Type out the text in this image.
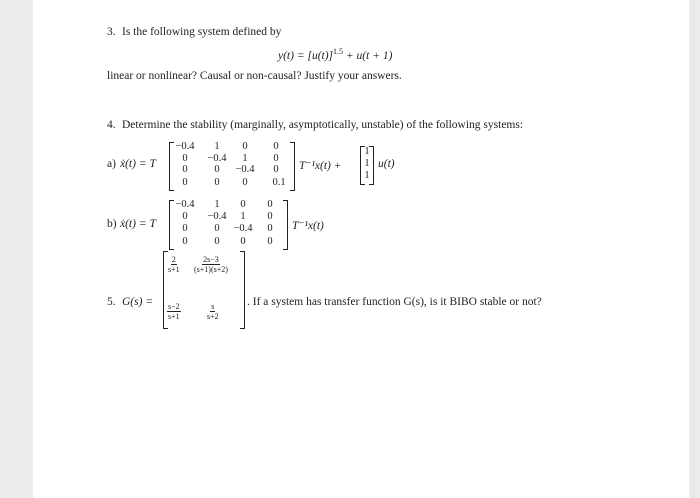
3. Is the following system defined by
$y(t) = [u(t)]^{1.5} + u(t + 1)$
linear or nonlinear? Causal or non-causal? Justify your answers.
4. Determine the stability (marginally, asymptotically, unstable) of the following systems:
a) ẋ(t) = T
−0.4	1	0	0
0	−0.4	1	0
0	0	−0.4	0
0	0	0	0.1
T⁻¹x(t) +
1
1
1
u(t)
b) ẋ(t) = T
−0.4	1	0	0
0	−0.4	1	0
0	0	−0.4	0
0	0	0	0
T⁻¹x(t)
5. G(s) =
$\frac{2}{s+1} \frac{2s-3}{(s+1)(s+2)}$
$\frac{s-2}{s+1}$	$\frac{s}{s+2}$ . If a system has transfer function G(s), is it BIBO stable or not?
